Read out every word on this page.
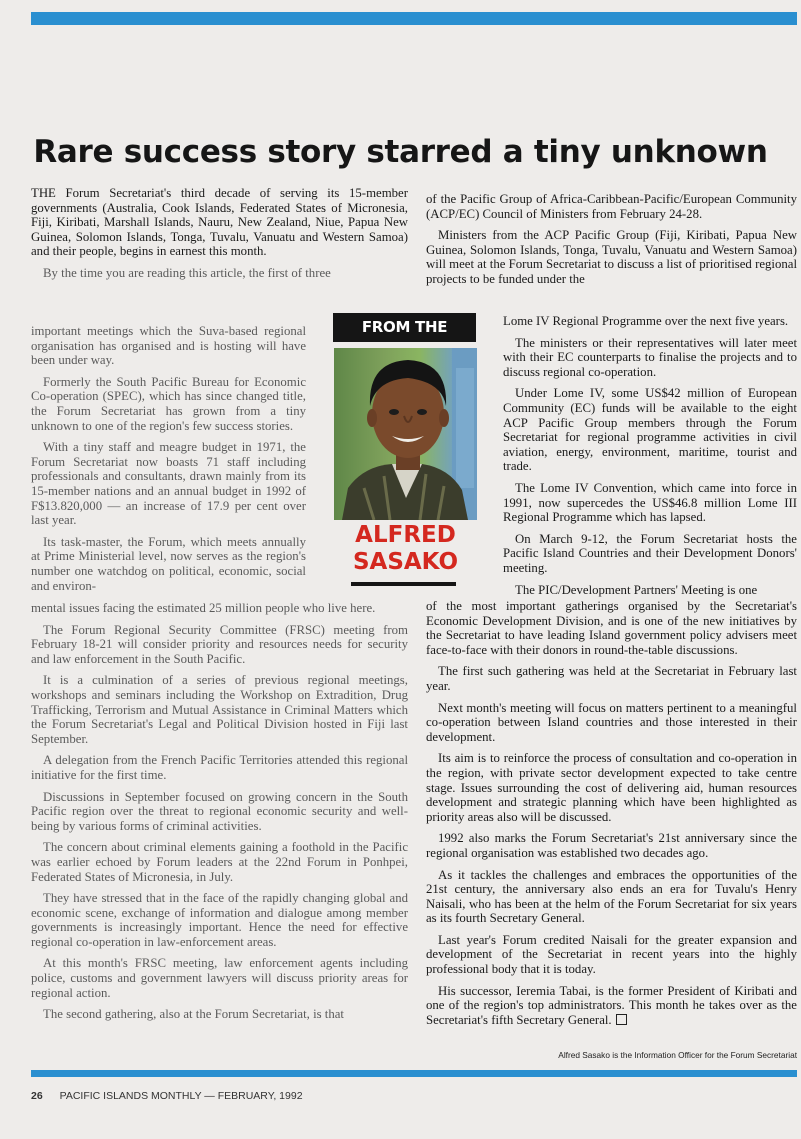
Rare success story starred a tiny unknown

THE Forum Secretariat's third decade of serving its 15-member governments (Australia, Cook Islands, Federated States of Micronesia, Fiji, Kiribati, Marshall Islands, Nauru, New Zealand, Niue, Papua New Guinea, Solomon Islands, Tonga, Tuvalu, Vanuatu and Western Samoa) and their people, begins in earnest this month.

By the time you are reading this article, the first of three

important meetings which the Suva-based regional organisation has organised and is hosting will have been under way.

Formerly the South Pacific Bureau for Economic Co-operation (SPEC), which has since changed title, the Forum Secretariat has grown from a tiny unknown to one of the region's few success stories.

With a tiny staff and meagre budget in 1971, the Forum Secretariat now boasts 71 staff including professionals and consultants, drawn mainly from its 15-member nations and an annual budget in 1992 of F$13.820,000 — an increase of 17.9 per cent over last year.

Its task-master, the Forum, which meets annually at Prime Ministerial level, now serves as the region's number one watchdog on political, economic, social and environ-

mental issues facing the estimated 25 million people who live here.

The Forum Regional Security Committee (FRSC) meeting from February 18-21 will consider priority and resources needs for security and law enforcement in the South Pacific.

It is a culmination of a series of previous regional meetings, workshops and seminars including the Workshop on Extradition, Drug Trafficking, Terrorism and Mutual Assistance in Criminal Matters which the Forum Secretariat's Legal and Political Division hosted in Fiji last September.

A delegation from the French Pacific Territories attended this regional initiative for the first time.

Discussions in September focused on growing concern in the South Pacific region over the threat to regional economic security and well-being by various forms of criminal activities.

The concern about criminal elements gaining a foothold in the Pacific was earlier echoed by Forum leaders at the 22nd Forum in Ponhpei, Federated States of Micronesia, in July.

They have stressed that in the face of the rapidly changing global and economic scene, exchange of information and dialogue among member governments is increasingly important. Hence the need for effective regional co-operation in law-enforcement areas.

At this month's FRSC meeting, law enforcement agents including police, customs and government lawyers will discuss priority areas for regional action.

The second gathering, also at the Forum Secretariat, is that

FROM THE
ALFRED
SASAKO

of the Pacific Group of Africa-Caribbean-Pacific/European Community (ACP/EC) Council of Ministers from February 24-28.

Ministers from the ACP Pacific Group (Fiji, Kiribati, Papua New Guinea, Solomon Islands, Tonga, Tuvalu, Vanuatu and Western Samoa) will meet at the Forum Secretariat to discuss a list of prioritised regional projects to be funded under the

Lome IV Regional Programme over the next five years.

The ministers or their representatives will later meet with their EC counterparts to finalise the projects and to discuss regional co-operation.

Under Lome IV, some US$42 million of European Community (EC) funds will be available to the eight ACP Pacific Group members through the Forum Secretariat for regional programme activities in civil aviation, energy, environment, maritime, tourist and trade.

The Lome IV Convention, which came into force in 1991, now supercedes the US$46.8 million Lome III Regional Programme which has lapsed.

On March 9-12, the Forum Secretariat hosts the Pacific Island Countries and their Development Donors' meeting.

The PIC/Development Partners' Meeting is one

of the most important gatherings organised by the Secretariat's Economic Development Division, and is one of the new initiatives by the Secretariat to have leading Island government policy advisers meet face-to-face with their donors in round-the-table discussions.

The first such gathering was held at the Secretariat in February last year.

Next month's meeting will focus on matters pertinent to a meaningful co-operation between Island countries and those interested in their development.

Its aim is to reinforce the process of consultation and co-operation in the region, with private sector development expected to take centre stage. Issues surrounding the cost of delivering aid, human resources development and strategic planning which have been highlighted as priority areas also will be discussed.

1992 also marks the Forum Secretariat's 21st anniversary since the regional organisation was established two decades ago.

As it tackles the challenges and embraces the opportunities of the 21st century, the anniversary also ends an era for Tuvalu's Henry Naisali, who has been at the helm of the Forum Secretariat for six years as its fourth Secretary General.

Last year's Forum credited Naisali for the greater expansion and development of the Secretariat in recent years into the highly professional body that it is today.

His successor, Ieremia Tabai, is the former President of Kiribati and one of the region's top administrators. This month he takes over as the Secretariat's fifth Secretary General.

Alfred Sasako is the Information Officer for the Forum Secretariat
26 PACIFIC ISLANDS MONTHLY — FEBRUARY, 1992
